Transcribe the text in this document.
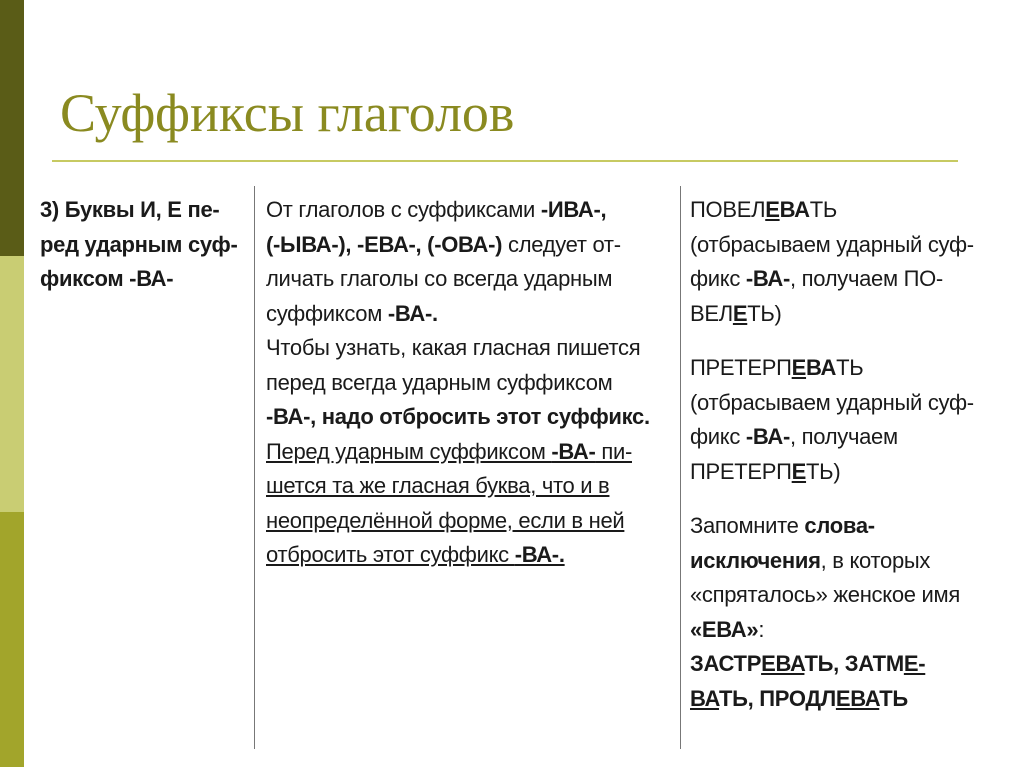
Суффиксы глаголов
3) Буквы И, Е пе-
ред ударным суф-
фиксом -ВА-
От глаголов с суффиксами -ИВА-,
(-ЫВА-), -ЕВА-, (-ОВА-) следует от-
личать глаголы со всегда ударным
суффиксом -ВА-.
Чтобы узнать, какая гласная пишется
перед всегда ударным суффиксом
-ВА-, надо отбросить этот суффикс.
Перед ударным суффиксом -ВА- пи-
шется та же гласная буква, что и в
неопределённой форме, если в ней
отбросить этот суффикс -ВА-.
ПОВЕЛЕВАТЬ
(отбрасываем ударный суф-
фикс -ВА-, получаем ПО-
ВЕЛЕТЬ)
ПРЕТЕРПЕВАТЬ
(отбрасываем ударный суф-
фикс -ВА-, получаем
ПРЕТЕРПЕТЬ)
Запомните слова-
исключения, в которых
«спряталось» женское имя
«ЕВА»:
ЗАСТРЕВАТЬ, ЗАТМЕ-
ВАТЬ, ПРОДЛЕВАТЬ
